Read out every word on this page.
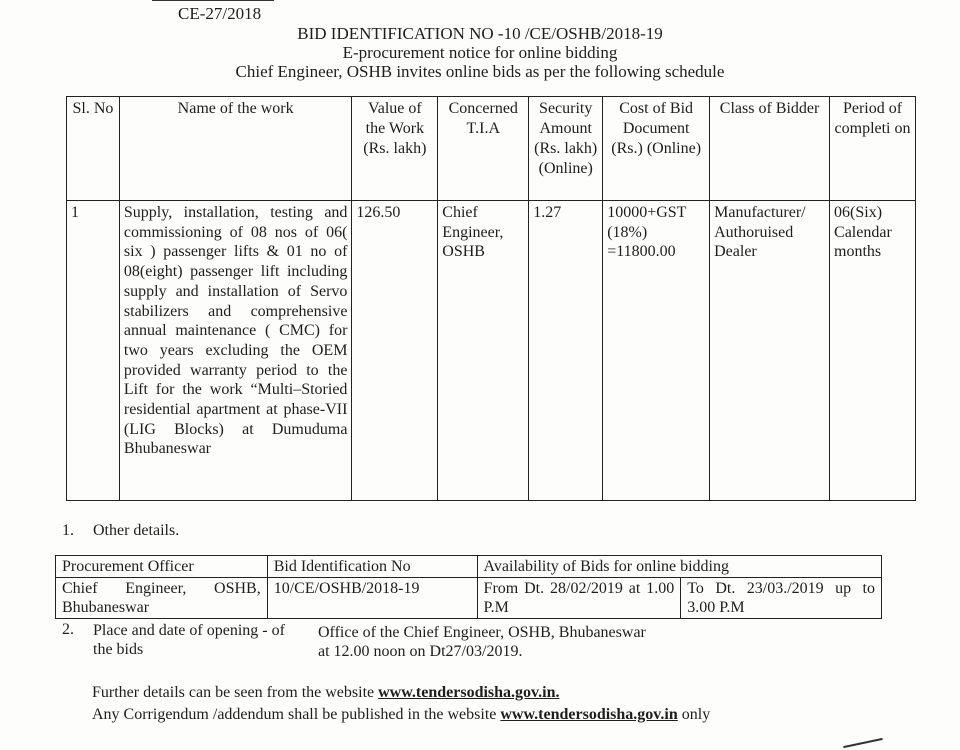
CE-27/2018
BID IDENTIFICATION NO -10 /CE/OSHB/2018-19
E-procurement notice for online bidding
Chief Engineer, OSHB invites online bids as per the following schedule
Sl. No	Name of the work	Value of the Work (Rs. lakh)	Concerned T.I.A	Security Amount (Rs. lakh) (Online)	Cost of Bid Document (Rs.) (Online)	Class of Bidder	Period of completi on
1	Supply, installation, testing and commissioning of 08 nos of 06( six ) passenger lifts & 01 no of 08(eight) passenger lift including supply and installation of Servo stabilizers and comprehensive annual maintenance ( CMC) for two years excluding the OEM provided warranty period to the Lift for the work “Multi–Storied residential apartment at phase-VII (LIG Blocks) at Dumuduma Bhubaneswar	126.50	Chief Engineer, OSHB	1.27	10000+GST (18%) =11800.00	Manufacturer/ Authoruised Dealer	06(Six) Calendar months
1. Other details.
Procurement Officer	Bid Identification No	Availability of Bids for online bidding	
Chief Engineer, OSHB, Bhubaneswar	10/CE/OSHB/2018-19	From Dt. 28/02/2019 at 1.00 P.M	To Dt. 23/03./2019 up to 3.00 P.M
2. Place and date of opening - of the bids
Office of the Chief Engineer, OSHB, Bhubaneswar
at 12.00 noon on Dt27/03/2019.
Further details can be seen from the website www.tendersodisha.gov.in.
Any Corrigendum /addendum shall be published in the website www.tendersodisha.gov.in only
